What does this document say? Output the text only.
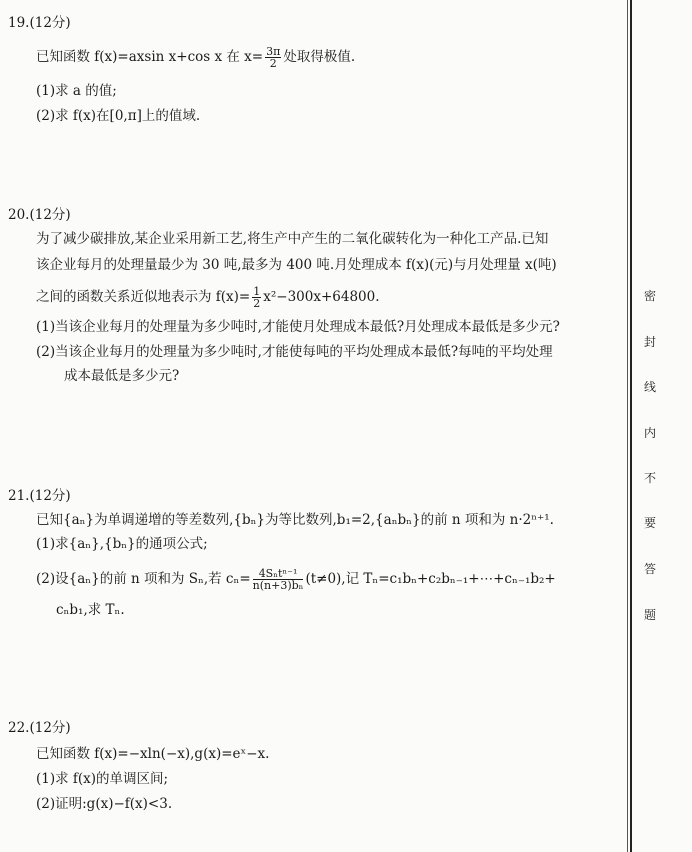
19.(12分)
已知函数 f(x)=axsin x+cos x 在 $x= \frac{3\pi}{2}$ 处取得极值.
(1)求 a 的值;
(2)求 f(x)在[0,π]上的值域.
20.(12分)
为了减少碳排放,某企业采用新工艺,将生产中产生的二氧化碳转化为一种化工产品.已知
该企业每月的处理量最少为 30 吨,最多为 400 吨.月处理成本 f(x)(元)与月处理量 x(吨)
之间的函数关系近似地表示为 $f(x)= \frac{1}{2} x^2-300x+64800$.
(1)当该企业每月的处理量为多少吨时,才能使月处理成本最低?月处理成本最低是多少元?
(2)当该企业每月的处理量为多少吨时,才能使每吨的平均处理成本最低?每吨的平均处理
成本最低是多少元?
21.(12分)
已知{aₙ}为单调递增的等差数列,{bₙ}为等比数列,b₁=2,{aₙbₙ}的前 n 项和为 n·2ⁿ⁺¹.
(1)求{aₙ},{bₙ}的通项公式;
(2)设{aₙ}的前 n 项和为 Sₙ,若 $c_n= \frac{\text{4Sₙtⁿ⁻¹}}{\text{n(n+3)bₙ}} (t\ne 0)$,记 Tₙ=c₁bₙ+c₂bₙ₋₁+⋯+cₙ₋₁b₂+
cₙb₁,求 Tₙ.
22.(12分)
已知函数 f(x)=−xln(−x),g(x)=eˣ−x.
(1)求 f(x)的单调区间;
(2)证明:g(x)−f(x)<3.
密
封
线
内
不
要
答
题
